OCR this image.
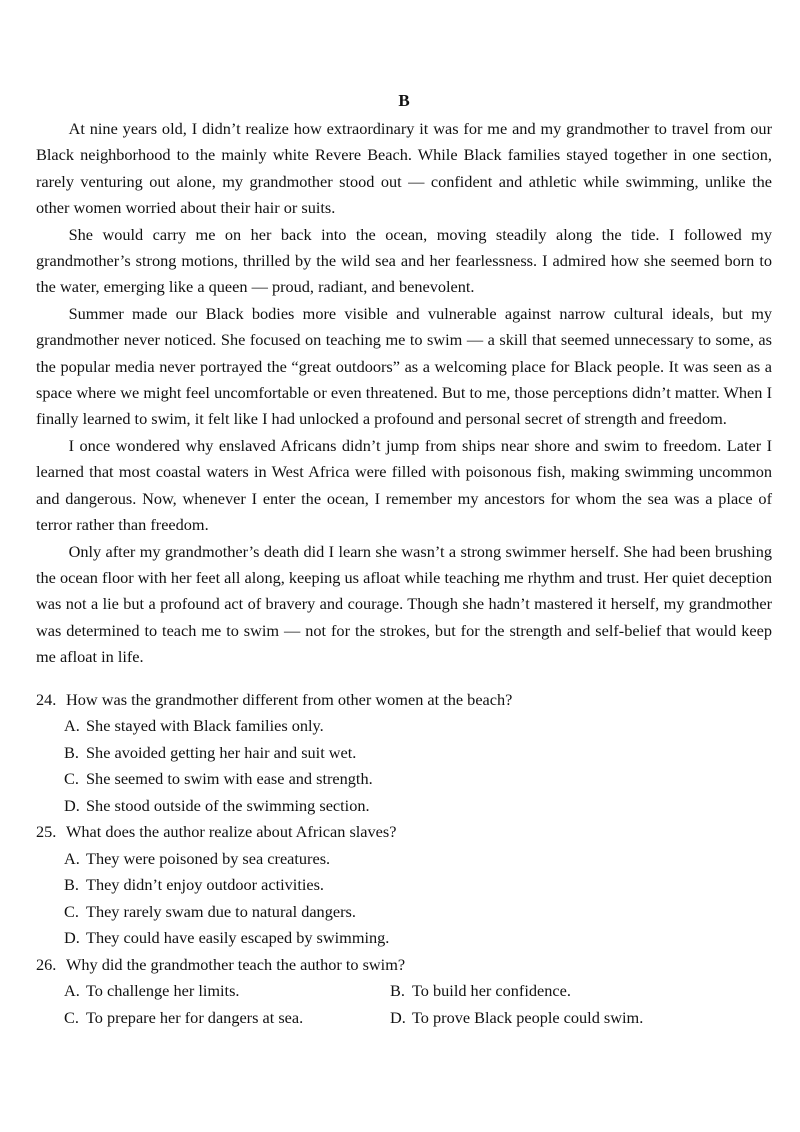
B

At nine years old, I didn’t realize how extraordinary it was for me and my grandmother to travel from our Black neighborhood to the mainly white Revere Beach. While Black families stayed together in one section, rarely venturing out alone, my grandmother stood out — confident and athletic while swimming, unlike the other women worried about their hair or suits.

She would carry me on her back into the ocean, moving steadily along the tide. I followed my grandmother’s strong motions, thrilled by the wild sea and her fearlessness. I admired how she seemed born to the water, emerging like a queen — proud, radiant, and benevolent.

Summer made our Black bodies more visible and vulnerable against narrow cultural ideals, but my grandmother never noticed. She focused on teaching me to swim — a skill that seemed unnecessary to some, as the popular media never portrayed the “great outdoors” as a welcoming place for Black people. It was seen as a space where we might feel uncomfortable or even threatened. But to me, those perceptions didn’t matter. When I finally learned to swim, it felt like I had unlocked a profound and personal secret of strength and freedom.

I once wondered why enslaved Africans didn’t jump from ships near shore and swim to freedom. Later I learned that most coastal waters in West Africa were filled with poisonous fish, making swimming uncommon and dangerous. Now, whenever I enter the ocean, I remember my ancestors for whom the sea was a place of terror rather than freedom.

Only after my grandmother’s death did I learn she wasn’t a strong swimmer herself. She had been brushing the ocean floor with her feet all along, keeping us afloat while teaching me rhythm and trust. Her quiet deception was not a lie but a profound act of bravery and courage. Though she hadn’t mastered it herself, my grandmother was determined to teach me to swim — not for the strokes, but for the strength and self-belief that would keep me afloat in life.

24. How was the grandmother different from other women at the beach?

A. She stayed with Black families only.

B. She avoided getting her hair and suit wet.

C. She seemed to swim with ease and strength.

D. She stood outside of the swimming section.

25. What does the author realize about African slaves?

A. They were poisoned by sea creatures.

B. They didn’t enjoy outdoor activities.

C. They rarely swam due to natural dangers.

D. They could have easily escaped by swimming.

26. Why did the grandmother teach the author to swim?

A. To challenge her limits.	B. To build her confidence.

C. To prepare her for dangers at sea.	D. To prove Black people could swim.
